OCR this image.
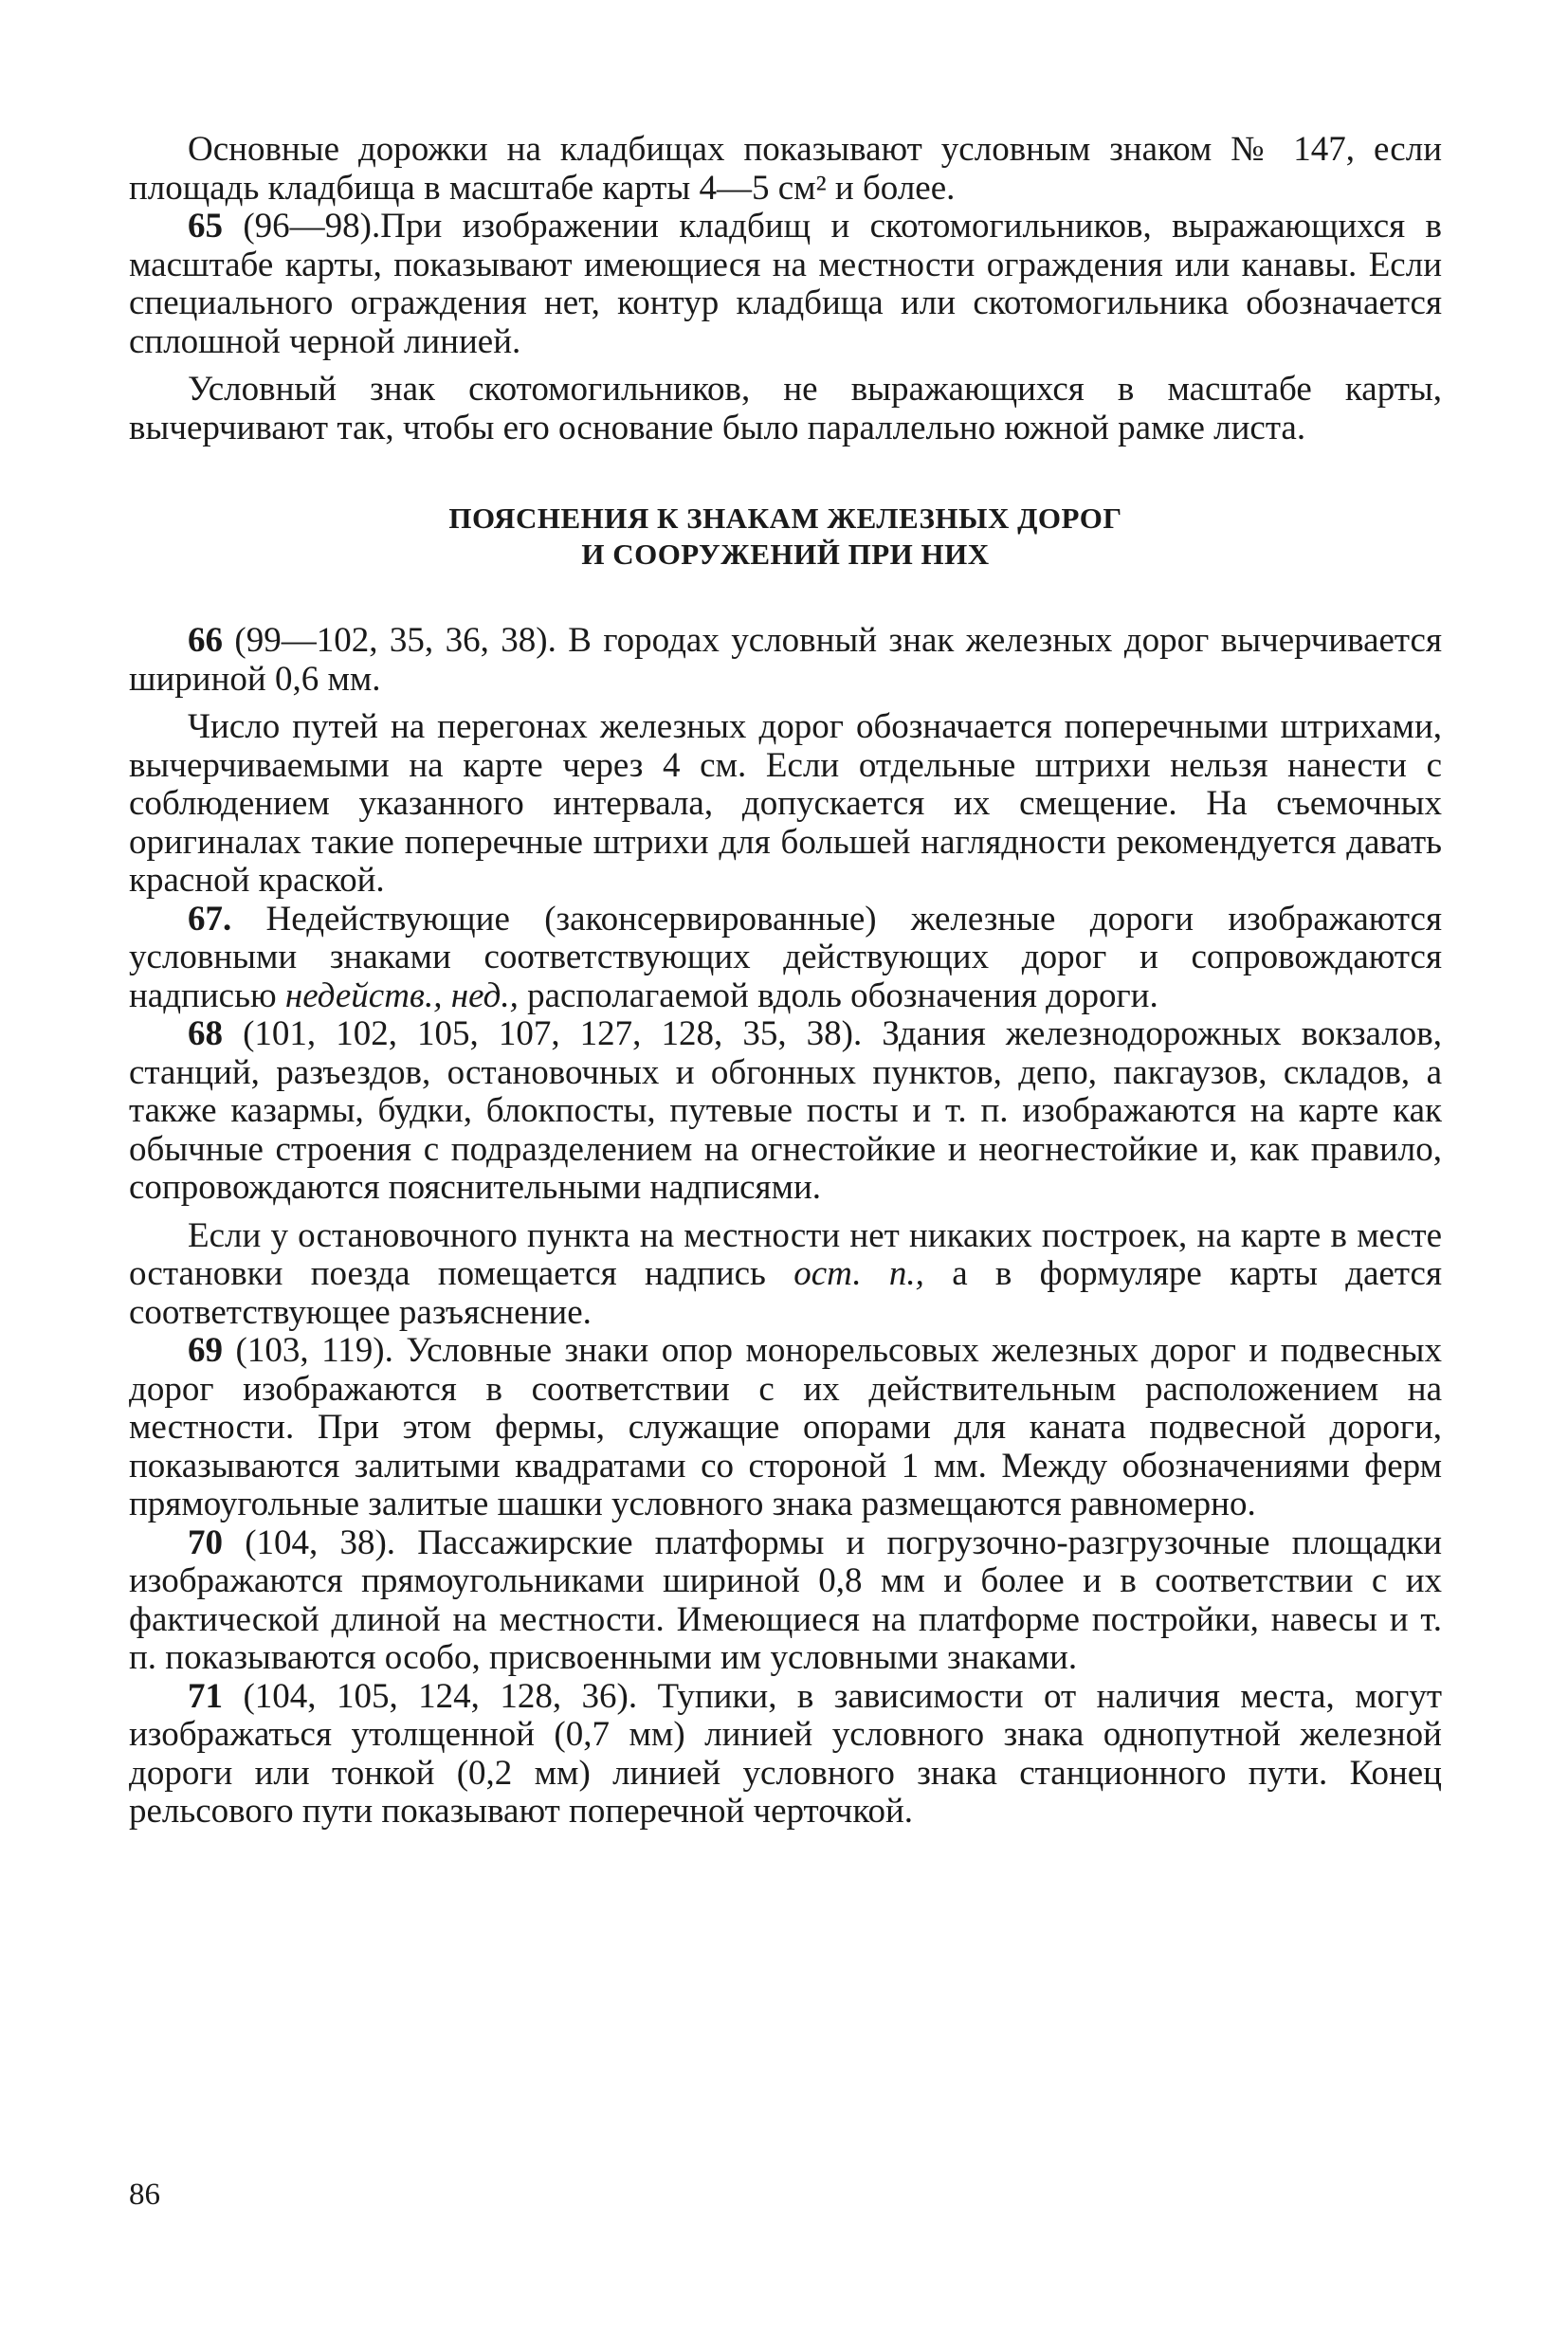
Основные дорожки на кладбищах показывают условным знаком № 147, если площадь кладбища в масштабе карты 4—5 см² и более.

65 (96—98).При изображении кладбищ и скотомогильников, выражающихся в масштабе карты, показывают имеющиеся на местности ограждения или канавы. Если специального ограждения нет, контур кладбища или скотомогильника обозначается сплошной черной линией.

Условный знак скотомогильников, не выражающихся в масштабе карты, вычерчивают так, чтобы его основание было параллельно южной рамке листа.

ПОЯСНЕНИЯ К ЗНАКАМ ЖЕЛЕЗНЫХ ДОРОГ
И СООРУЖЕНИЙ ПРИ НИХ

66 (99—102, 35, 36, 38). В городах условный знак железных дорог вычерчивается шириной 0,6 мм.

Число путей на перегонах железных дорог обозначается поперечными штрихами, вычерчиваемыми на карте через 4 см. Если отдельные штрихи нельзя нанести с соблюдением указанного интервала, допускается их смещение. На съемочных оригиналах такие поперечные штрихи для большей наглядности рекомендуется давать красной краской.

67. Недействующие (законсервированные) железные дороги изображаются условными знаками соответствующих действующих дорог и сопровождаются надписью недейств., нед., располагаемой вдоль обозначения дороги.

68 (101, 102, 105, 107, 127, 128, 35, 38). Здания железнодорожных вокзалов, станций, разъездов, остановочных и обгонных пунктов, депо, пакгаузов, складов, а также казармы, будки, блокпосты, путевые посты и т. п. изображаются на карте как обычные строения с подразделением на огнестойкие и неогнестойкие и, как правило, сопровождаются пояснительными надписями.

Если у остановочного пункта на местности нет никаких построек, на карте в месте остановки поезда помещается надпись ост. п., а в формуляре карты дается соответствующее разъяснение.

69 (103, 119). Условные знаки опор монорельсовых железных дорог и подвесных дорог изображаются в соответствии с их действительным расположением на местности. При этом фермы, служащие опорами для каната подвесной дороги, показываются залитыми квадратами со стороной 1 мм. Между обозначениями ферм прямоугольные залитые шашки условного знака размещаются равномерно.

70 (104, 38). Пассажирские платформы и погрузочно-разгрузочные площадки изображаются прямоугольниками шириной 0,8 мм и более и в соответствии с их фактической длиной на местности. Имеющиеся на платформе постройки, навесы и т. п. показываются особо, присвоенными им условными знаками.

71 (104, 105, 124, 128, 36). Тупики, в зависимости от наличия места, могут изображаться утолщенной (0,7 мм) линией условного знака однопутной железной дороги или тонкой (0,2 мм) линией условного знака станционного пути. Конец рельсового пути показывают поперечной черточкой.

86
